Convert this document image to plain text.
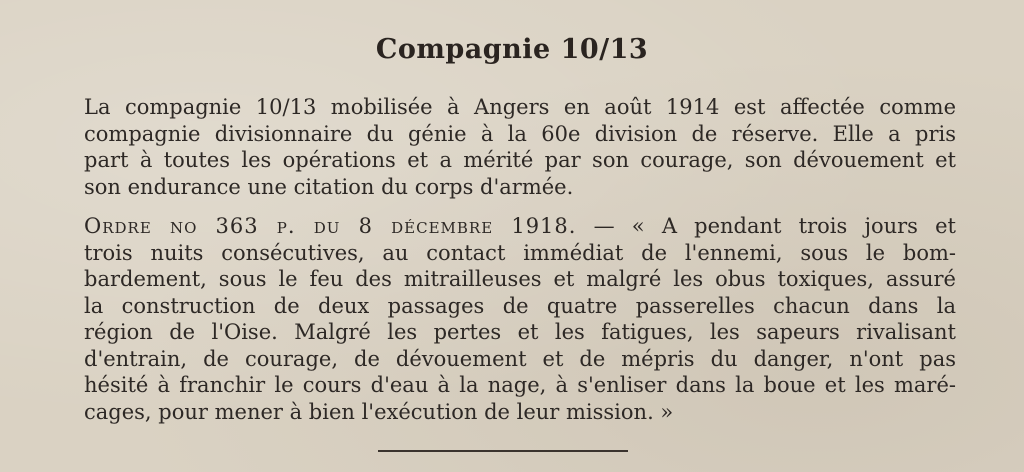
Compagnie 10/13
La compagnie 10/13 mobilisée à Angers en août 1914 est affectée comme
compagnie divisionnaire du génie à la 60e division de réserve. Elle a pris
part à toutes les opérations et a mérité par son courage, son dévouement et
son endurance une citation du corps d'armée.
Ordre no 363 p. du 8 décembre 1918. — « A pendant trois jours et
trois nuits consécutives, au contact immédiat de l'ennemi, sous le bom-
bardement, sous le feu des mitrailleuses et malgré les obus toxiques, assuré
la construction de deux passages de quatre passerelles chacun dans la
région de l'Oise. Malgré les pertes et les fatigues, les sapeurs rivalisant
d'entrain, de courage, de dévouement et de mépris du danger, n'ont pas
hésité à franchir le cours d'eau à la nage, à s'enliser dans la boue et les maré-
cages, pour mener à bien l'exécution de leur mission. »
